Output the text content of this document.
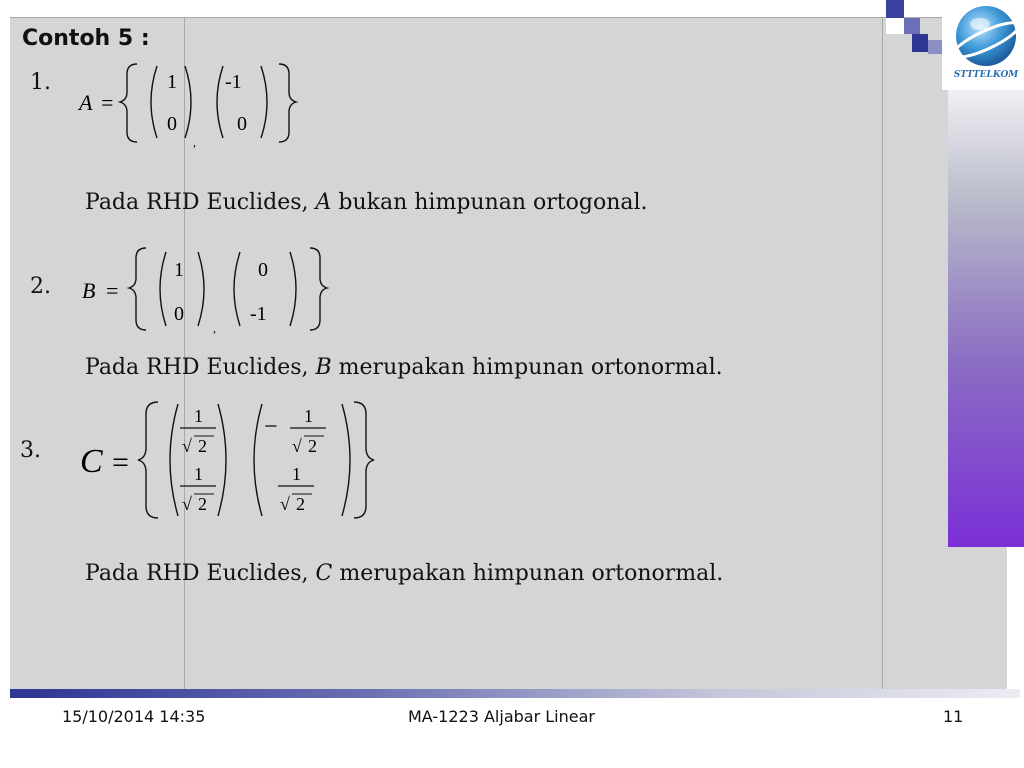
STTTELKOM
Contoh 5 :
1.
A =
1
0
,
-1
0
Pada RHD Euclides, A bukan himpunan ortogonal.
2. B =
1
0
,
0
-1
Pada RHD Euclides, B merupakan himpunan ortonormal.
3. C =
1
√ 2
1
√ 2
− 1
√ 2
1
√ 2
Pada RHD Euclides, C merupakan himpunan ortonormal.
15/10/2014 14:35	MA-1223 Aljabar Linear	11
